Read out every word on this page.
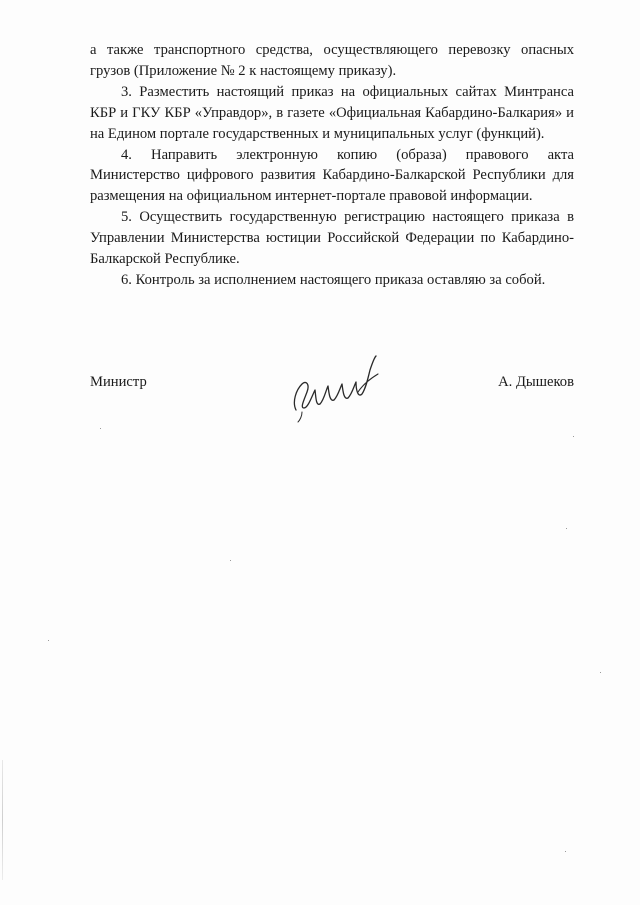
а также транспортного средства, осуществляющего перевозку опасных грузов (Приложение № 2 к настоящему приказу).

3. Разместить настоящий приказ на официальных сайтах Минтранса КБР и ГКУ КБР «Управдор», в газете «Официальная Кабардино-Балкария» и на Едином портале государственных и муниципальных услуг (функций).

4. Направить электронную копию (образа) правового акта Министерство цифрового развития Кабардино-Балкарской Республики для размещения на официальном интернет-портале правовой информации.

5. Осуществить государственную регистрацию настоящего приказа в Управлении Министерства юстиции Российской Федерации по Кабардино-Балкарской Республике.

6. Контроль за исполнением настоящего приказа оставляю за собой.

Министр	А. Дышеков
